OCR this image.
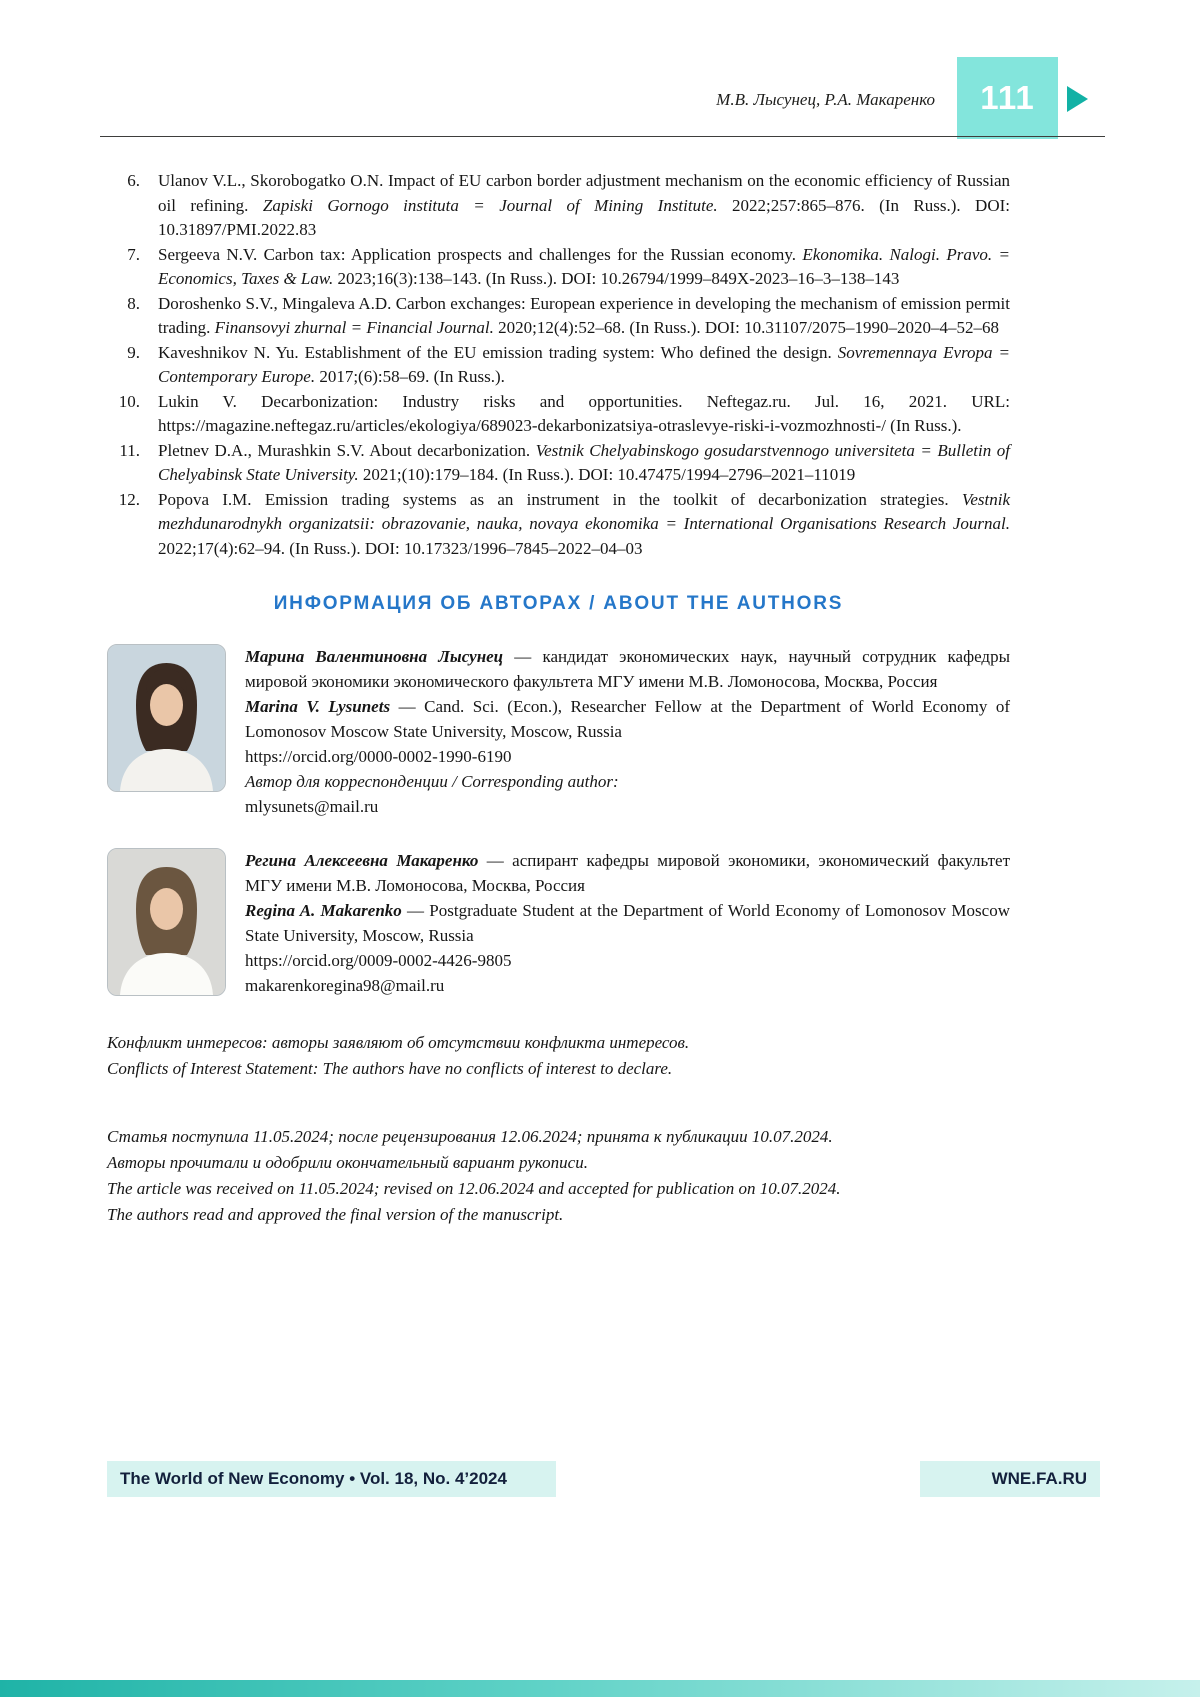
М.В. Лысунец, Р.А. Макаренко 111
6. Ulanov V.L., Skorobogatko O.N. Impact of EU carbon border adjustment mechanism on the economic efficiency of Russian oil refining. Zapiski Gornogo instituta = Journal of Mining Institute. 2022;257:865–876. (In Russ.). DOI: 10.31897/PMI.2022.83
7. Sergeeva N.V. Carbon tax: Application prospects and challenges for the Russian economy. Ekonomika. Nalogi. Pravo. = Economics, Taxes & Law. 2023;16(3):138–143. (In Russ.). DOI: 10.26794/1999–849X-2023–16–3–138–143
8. Doroshenko S.V., Mingaleva A.D. Carbon exchanges: European experience in developing the mechanism of emission permit trading. Finansovyi zhurnal = Financial Journal. 2020;12(4):52–68. (In Russ.). DOI: 10.31107/2075–1990–2020–4–52–68
9. Kaveshnikov N. Yu. Establishment of the EU emission trading system: Who defined the design. Sovremennaya Evropa = Contemporary Europe. 2017;(6):58–69. (In Russ.).
10. Lukin V. Decarbonization: Industry risks and opportunities. Neftegaz.ru. Jul. 16, 2021. URL: https://magazine.neftegaz.ru/articles/ekologiya/689023-dekarbonizatsiya-otraslevye-riski-i-vozmozhnosti-/ (In Russ.).
11. Pletnev D.A., Murashkin S.V. About decarbonization. Vestnik Chelyabinskogo gosudarstvennogo universiteta = Bulletin of Chelyabinsk State University. 2021;(10):179–184. (In Russ.). DOI: 10.47475/1994–2796–2021–11019
12. Popova I.M. Emission trading systems as an instrument in the toolkit of decarbonization strategies. Vestnik mezhdunarodnykh organizatsii: obrazovanie, nauka, novaya ekonomika = International Organisations Research Journal. 2022;17(4):62–94. (In Russ.). DOI: 10.17323/1996–7845–2022–04–03
ИНФОРМАЦИЯ ОБ АВТОРАХ / ABOUT THE AUTHORS
Марина Валентиновна Лысунец — кандидат экономических наук, научный сотрудник кафедры мировой экономики экономического факультета МГУ имени М.В. Ломоносова, Москва, Россия
Marina V. Lysunets — Cand. Sci. (Econ.), Researcher Fellow at the Department of World Economy of Lomonosov Moscow State University, Moscow, Russia
https://orcid.org/0000-0002-1990-6190
Автор для корреспонденции / Corresponding author:
mlysunets@mail.ru
Регина Алексеевна Макаренко — аспирант кафедры мировой экономики, экономический факультет МГУ имени М.В. Ломоносова, Москва, Россия
Regina A. Makarenko — Postgraduate Student at the Department of World Economy of Lomonosov Moscow State University, Moscow, Russia
https://orcid.org/0009-0002-4426-9805
makarenkoregina98@mail.ru
Конфликт интересов: авторы заявляют об отсутствии конфликта интересов.
Conflicts of Interest Statement: The authors have no conflicts of interest to declare.
Статья поступила 11.05.2024; после рецензирования 12.06.2024; принята к публикации 10.07.2024.
Авторы прочитали и одобрили окончательный вариант рукописи.
The article was received on 11.05.2024; revised on 12.06.2024 and accepted for publication on 10.07.2024.
The authors read and approved the final version of the manuscript.
The World of New Economy • Vol. 18, No. 4’2024	WNE.FA.RU
